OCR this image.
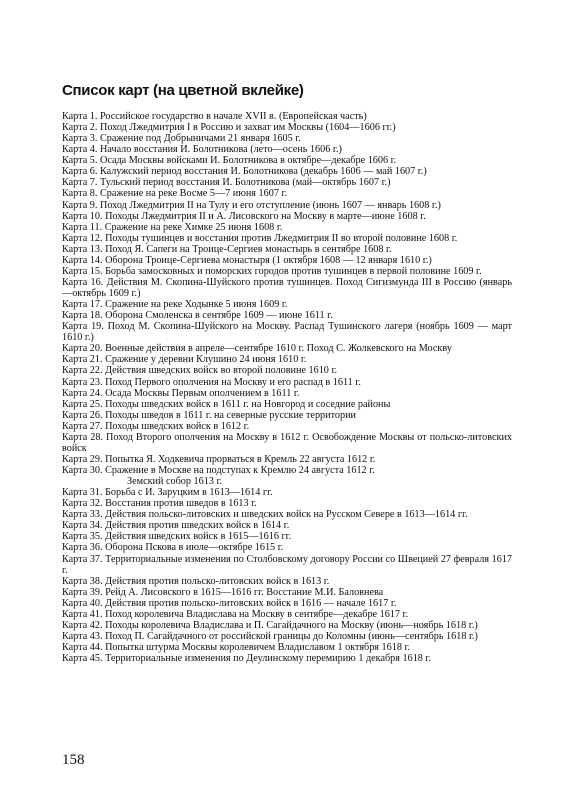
Список карт (на цветной вклейке)
Карта 1. Российское государство в начале XVII в. (Европейская часть)
Карта 2. Поход Лжедмитрия I в Россию и захват им Москвы (1604—1606 гг.)
Карта 3. Сражение под Добрыничами 21 января 1605 г.
Карта 4. Начало восстания И. Болотникова (лето—осень 1606 г.)
Карта 5. Осада Москвы войсками И. Болотникова в октябре—декабре 1606 г.
Карта 6. Калужский период восстания И. Болотникова (декабрь 1606 — май 1607 г.)
Карта 7. Тульский период восстания И. Болотникова (май—октябрь 1607 г.)
Карта 8. Сражение на реке Восме 5—7 июня 1607 г.
Карта 9. Поход Лжедмитрия II на Тулу и его отступление (июнь 1607 — январь 1608 г.)
Карта 10. Походы Лжедмитрия II и А. Лисовского на Москву в марте—июне 1608 г.
Карта 11. Сражение на реке Химке 25 июня 1608 г.
Карта 12. Походы тушинцев и восстания против Лжедмитрия II во второй половине 1608 г.
Карта 13. Поход Я. Сапеги на Троице-Сергиев монастырь в сентябре 1608 г.
Карта 14. Оборона Троице-Сергиева монастыря (1 октября 1608 — 12 января 1610 г.)
Карта 15. Борьба замосковных и поморских городов против тушинцев в первой половине 1609 г.
Карта 16. Действия М. Скопина-Шуйского против тушинцев. Поход Сигизмунда III в Россию (январь—октябрь 1609 г.)
Карта 17. Сражение на реке Ходынке 5 июня 1609 г.
Карта 18. Оборона Смоленска в сентябре 1609 — июне 1611 г.
Карта 19. Поход М. Скопина-Шуйского на Москву. Распад Тушинского лагеря (ноябрь 1609 — март 1610 г.)
Карта 20. Военные действия в апреле—сентябре 1610 г. Поход С. Жолкевского на Москву
Карта 21. Сражение у деревни Клушино 24 июня 1610 г.
Карта 22. Действия шведских войск во второй половине 1610 г.
Карта 23. Поход Первого ополчения на Москву и его распад в 1611 г.
Карта 24. Осада Москвы Первым ополчением в 1611 г.
Карта 25. Походы шведских войск в 1611 г. на Новгород и соседние районы
Карта 26. Походы шведов в 1611 г. на северные русские территории
Карта 27. Походы шведских войск в 1612 г.
Карта 28. Поход Второго ополчения на Москву в 1612 г. Освобождение Москвы от польско-литовских войск
Карта 29. Попытка Я. Ходкевича прорваться в Кремль 22 августа 1612 г.
Карта 30. Сражение в Москве на подступах к Кремлю 24 августа 1612 г.
Земский собор 1613 г.
Карта 31. Борьба с И. Заруцким в 1613—1614 гг.
Карта 32. Восстания против шведов в 1613 г.
Карта 33. Действия польско-литовских и шведских войск на Русском Севере в 1613—1614 гг.
Карта 34. Действия против шведских войск в 1614 г.
Карта 35. Действия шведских войск в 1615—1616 гг.
Карта 36. Оборона Пскова в июле—октябре 1615 г.
Карта 37. Территориальные изменения по Столбовскому договору России со Швецией 27 февраля 1617 г.
Карта 38. Действия против польско-литовских войск в 1613 г.
Карта 39. Рейд А. Лисовского в 1615—1616 гг. Восстание М.И. Баловнева
Карта 40. Действия против польско-литовских войск в 1616 — начале 1617 г.
Карта 41. Поход королевича Владислава на Москву в сентябре—декабре 1617 г.
Карта 42. Походы королевича Владислава и П. Сагайдачного на Москву (июнь—ноябрь 1618 г.)
Карта 43. Поход П. Сагайдачного от российской границы до Коломны (июнь—сентябрь 1618 г.)
Карта 44. Попытка штурма Москвы королевичем Владиславом 1 октября 1618 г.
Карта 45. Территориальные изменения по Деулинскому перемирию 1 декабря 1618 г.

158
